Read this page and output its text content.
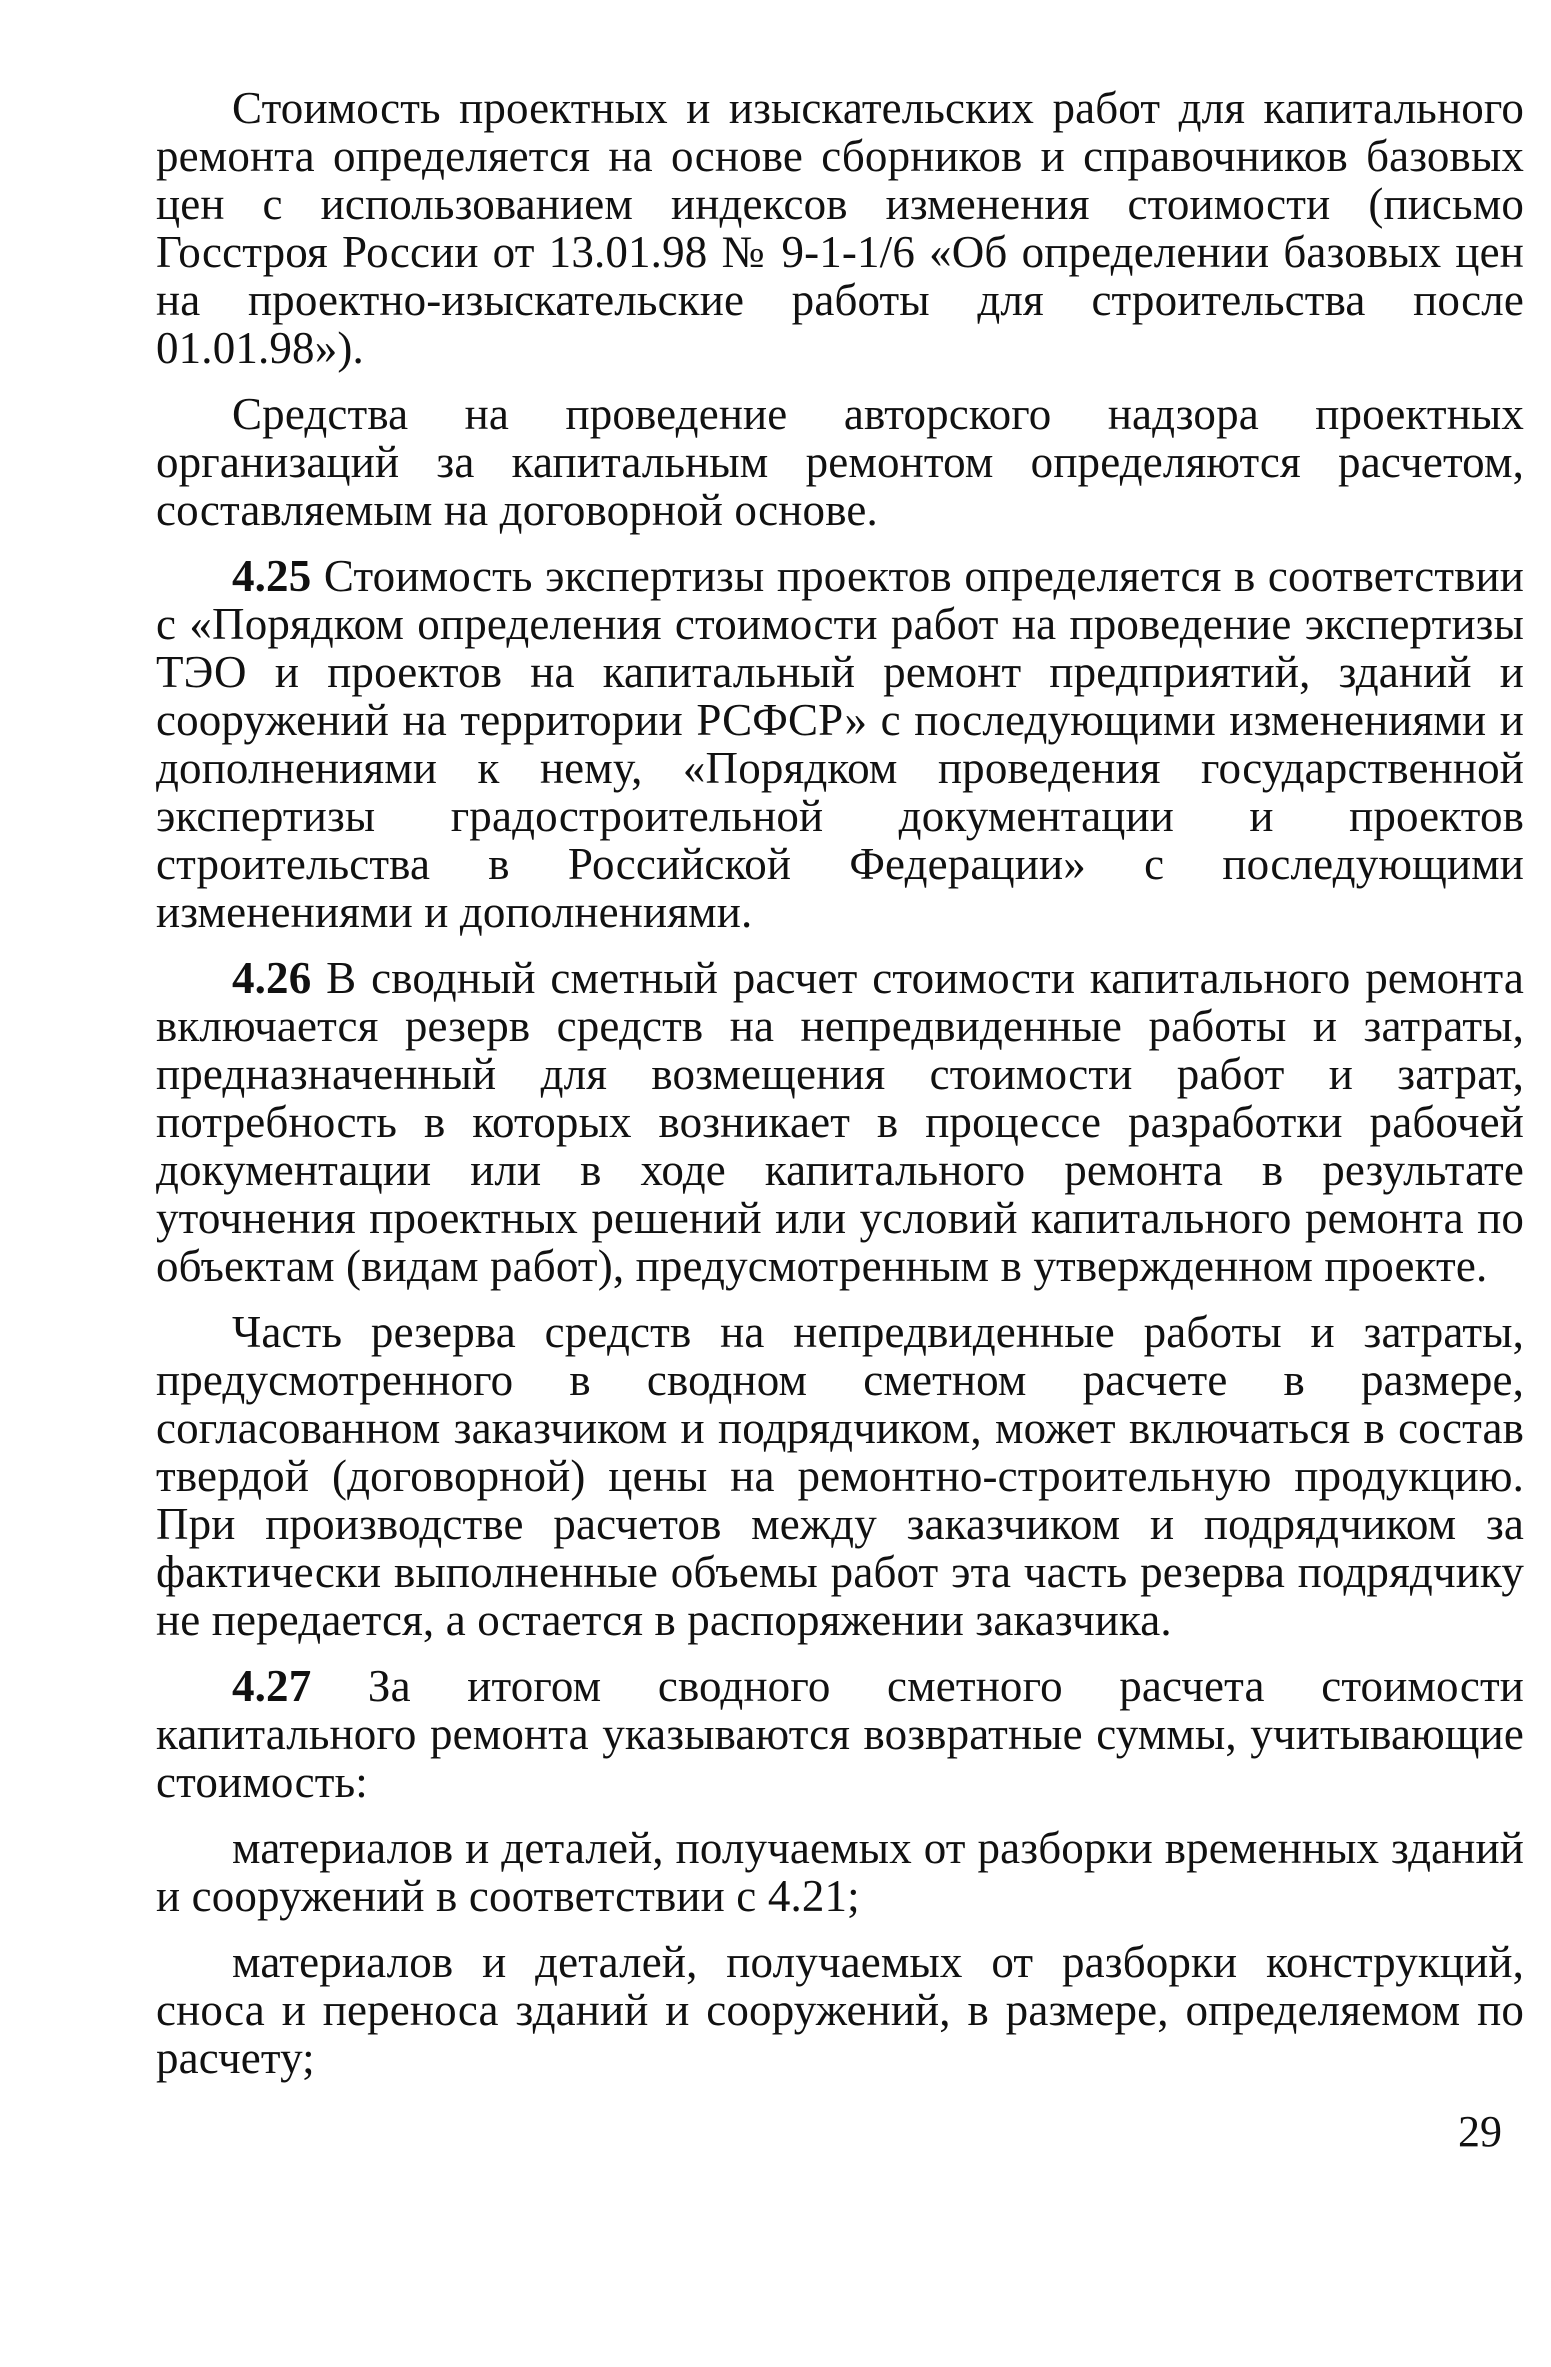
Стоимость проектных и изыскательских работ для капитального ремонта определяется на основе сборников и справочников базовых цен с использованием индексов изменения стоимости (письмо Госстроя России от 13.01.98 № 9-1-1/6 «Об определении базовых цен на проектно-изыскательские работы для строительства после 01.01.98»).

Средства на проведение авторского надзора проектных организаций за капитальным ремонтом определяются расчетом, составляемым на договорной основе.

4.25 Стоимость экспертизы проектов определяется в соответствии с «Порядком определения стоимости работ на проведение экспертизы ТЭО и проектов на капитальный ремонт предприятий, зданий и сооружений на территории РСФСР» с последующими изменениями и дополнениями к нему, «Порядком проведения государственной экспертизы градостроительной документации и проектов строительства в Российской Федерации» с последующими изменениями и дополнениями.

4.26 В сводный сметный расчет стоимости капитального ремонта включается резерв средств на непредвиденные работы и затраты, предназначенный для возмещения стоимости работ и затрат, потребность в которых возникает в процессе разработки рабочей документации или в ходе капитального ремонта в результате уточнения проектных решений или условий капитального ремонта по объектам (видам работ), предусмотренным в утвержденном проекте.

Часть резерва средств на непредвиденные работы и затраты, предусмотренного в сводном сметном расчете в размере, согласованном заказчиком и подрядчиком, может включаться в состав твердой (договорной) цены на ремонтно-строительную продукцию. При производстве расчетов между заказчиком и подрядчиком за фактически выполненные объемы работ эта часть резерва подрядчику не передается, а остается в распоряжении заказчика.

4.27 За итогом сводного сметного расчета стоимости капитального ремонта указываются возвратные суммы, учитывающие стоимость:

материалов и деталей, получаемых от разборки временных зданий и сооружений в соответствии с 4.21;

материалов и деталей, получаемых от разборки конструкций, сноса и переноса зданий и сооружений, в размере, определяемом по расчету;

29
